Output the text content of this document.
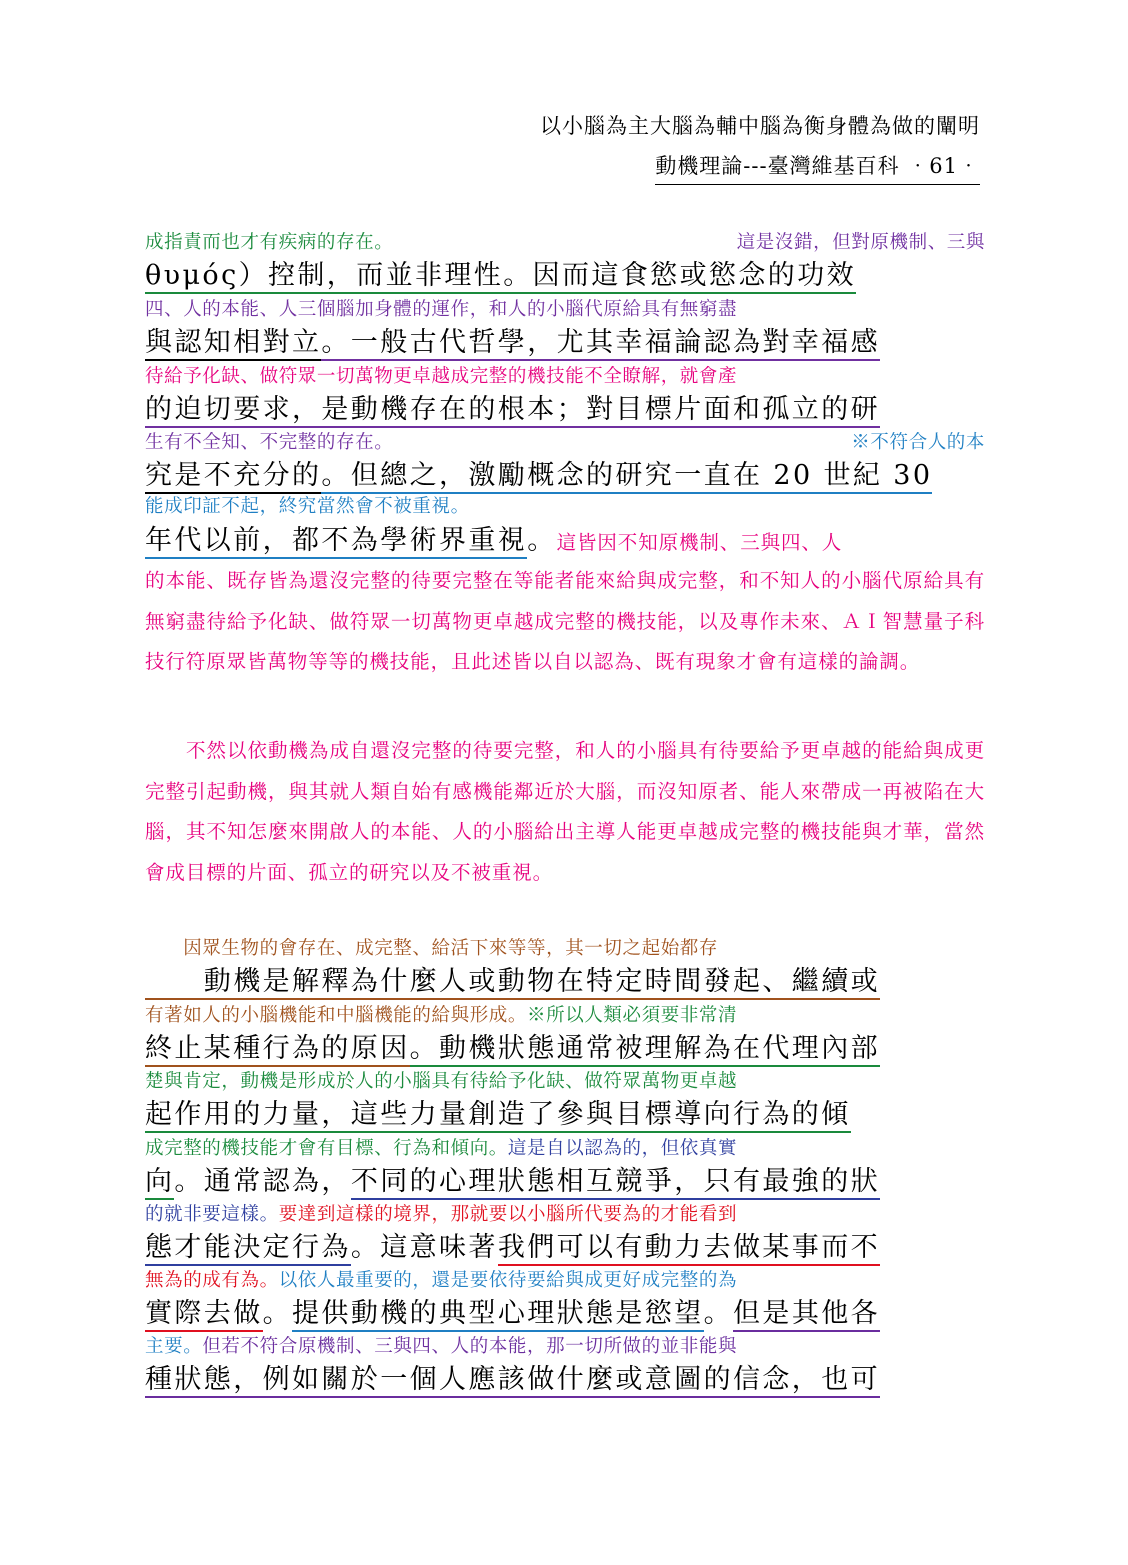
以小腦為主大腦為輔中腦為衡身體為做的闡明
動機理論---臺灣維基百科 ‧61‧
成指責而也才有疾病的存在。	這是沒錯，但對原機制、三與
θυμός）控制，而並非理性。因而這食慾或慾念的功效
四、人的本能、人三個腦加身體的運作，和人的小腦代原給具有無窮盡
與認知相對立。一般古代哲學，尤其幸福論認為對幸福感
待給予化缺、做符眾一切萬物更卓越成完整的機技能不全瞭解，就會產
的迫切要求，是動機存在的根本；對目標片面和孤立的研
生有不全知、不完整的存在。	※不符合人的本
究是不充分的。但總之，激勵概念的研究一直在 20 世紀 30
能成印証不起，終究當然會不被重視。
年代以前，都不為學術界重視。這皆因不知原機制、三與四、人
的本能、既存皆為還沒完整的待要完整在等能者能來給與成完整，和不知人的小腦代原給具有無窮盡待給予化缺、做符眾一切萬物更卓越成完整的機技能，以及專作未來、ＡＩ智慧量子科技行符原眾皆萬物等等的機技能，且此述皆以自以認為、既有現象才會有這樣的論調。
　　不然以依動機為成自還沒完整的待要完整，和人的小腦具有待要給予更卓越的能給與成更完整引起動機，與其就人類自始有感機能鄰近於大腦，而沒知原者、能人來帶成一再被陷在大腦，其不知怎麼來開啟人的本能、人的小腦給出主導人能更卓越成完整的機技能與才華，當然會成目標的片面、孤立的研究以及不被重視。
　　因眾生物的會存在、成完整、給活下來等等，其一切之起始都存
　　動機是解釋為什麼人或動物在特定時間發起、繼續或
有著如人的小腦機能和中腦機能的給與形成。※所以人類必須要非常清
終止某種行為的原因。動機狀態通常被理解為在代理內部
楚與肯定，動機是形成於人的小腦具有待給予化缺、做符眾萬物更卓越
起作用的力量，這些力量創造了參與目標導向行為的傾
成完整的機技能才會有目標、行為和傾向。這是自以認為的，但依真實
向。通常認為，不同的心理狀態相互競爭，只有最強的狀
的就非要這樣。要達到這樣的境界，那就要以小腦所代要為的才能看到
態才能決定行為。這意味著我們可以有動力去做某事而不
無為的成有為。以依人最重要的，還是要依待要給與成更好成完整的為
實際去做。提供動機的典型心理狀態是慾望。但是其他各
主要。但若不符合原機制、三與四、人的本能，那一切所做的並非能與
種狀態，例如關於一個人應該做什麼或意圖的信念，也可
